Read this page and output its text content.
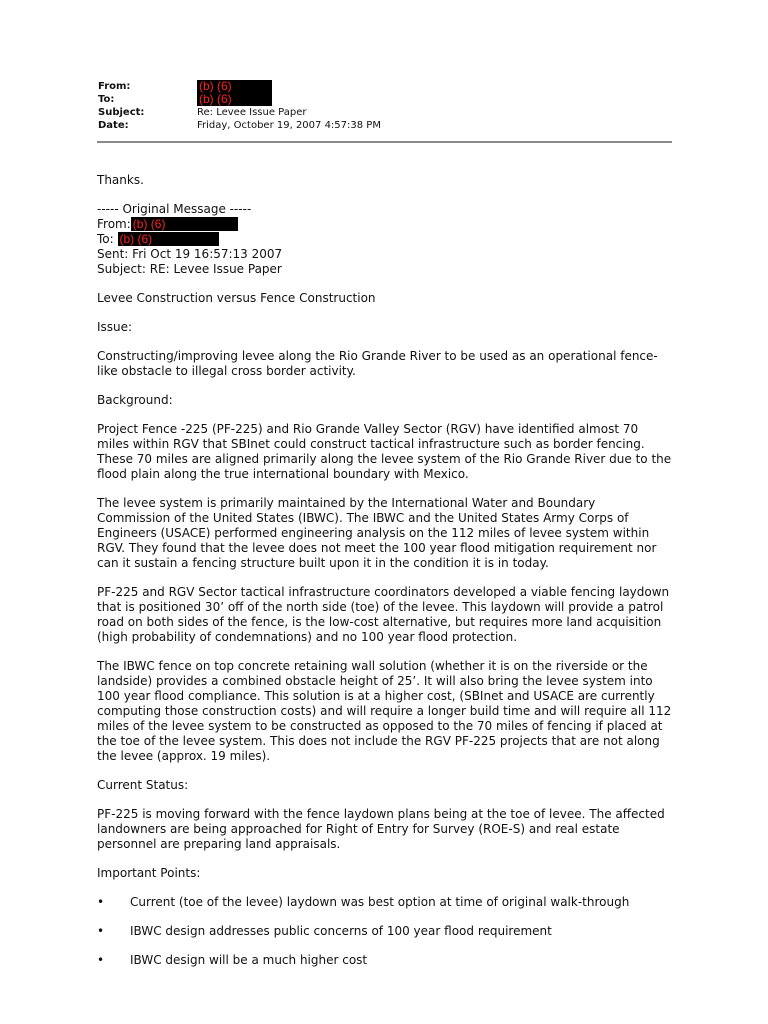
From:	(b) (6)
To:	(b) (6)
Subject:	Re: Levee Issue Paper
Date:	Friday, October 19, 2007 4:57:38 PM

Thanks.

----- Original Message -----
From: (b) (6)
To: (b) (6)
Sent: Fri Oct 19 16:57:13 2007
Subject: RE: Levee Issue Paper

Levee Construction versus Fence Construction

Issue:

Constructing/improving levee along the Rio Grande River to be used as an operational fence-like obstacle to illegal cross border activity.

Background:

Project Fence -225 (PF-225) and Rio Grande Valley Sector (RGV) have identified almost 70 miles within RGV that SBInet could construct tactical infrastructure such as border fencing. These 70 miles are aligned primarily along the levee system of the Rio Grande River due to the flood plain along the true international boundary with Mexico.

The levee system is primarily maintained by the International Water and Boundary Commission of the United States (IBWC). The IBWC and the United States Army Corps of Engineers (USACE) performed engineering analysis on the 112 miles of levee system within RGV. They found that the levee does not meet the 100 year flood mitigation requirement nor can it sustain a fencing structure built upon it in the condition it is in today.

PF-225 and RGV Sector tactical infrastructure coordinators developed a viable fencing laydown that is positioned 30’ off of the north side (toe) of the levee. This laydown will provide a patrol road on both sides of the fence, is the low-cost alternative, but requires more land acquisition (high probability of condemnations) and no 100 year flood protection.

The IBWC fence on top concrete retaining wall solution (whether it is on the riverside or the landside) provides a combined obstacle height of 25’. It will also bring the levee system into 100 year flood compliance. This solution is at a higher cost, (SBInet and USACE are currently computing those construction costs) and will require a longer build time and will require all 112 miles of the levee system to be constructed as opposed to the 70 miles of fencing if placed at the toe of the levee system. This does not include the RGV PF-225 projects that are not along the levee (approx. 19 miles).

Current Status:

PF-225 is moving forward with the fence laydown plans being at the toe of levee. The affected landowners are being approached for Right of Entry for Survey (ROE-S) and real estate personnel are preparing land appraisals.

Important Points:

• Current (toe of the levee) laydown was best option at time of original walk-through
• IBWC design addresses public concerns of 100 year flood requirement
• IBWC design will be a much higher cost
